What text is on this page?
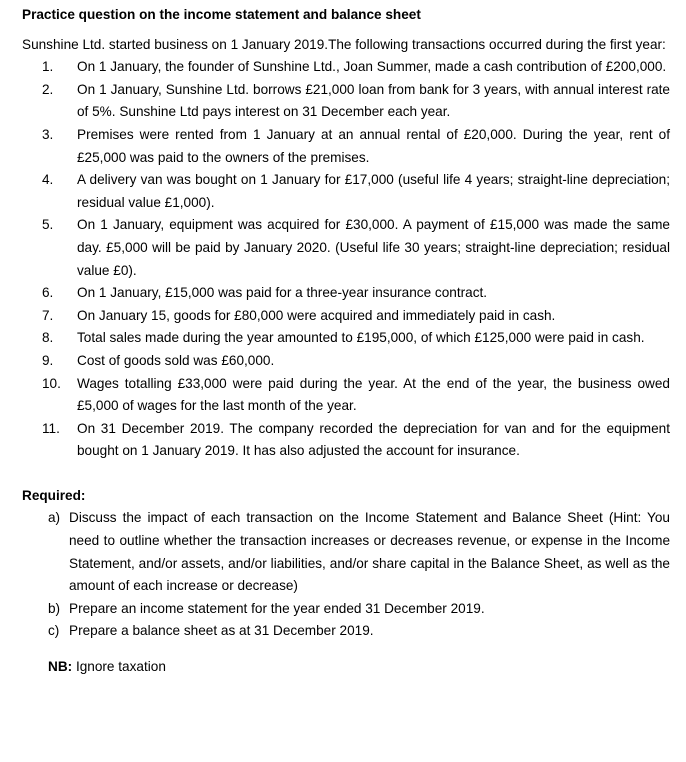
Practice question on the income statement and balance sheet
Sunshine Ltd. started business on 1 January 2019.The following transactions occurred during the first year:
1.	On 1 January, the founder of Sunshine Ltd., Joan Summer, made a cash contribution of £200,000.
2.	On 1 January, Sunshine Ltd. borrows £21,000 loan from bank for 3 years, with annual interest rate of 5%. Sunshine Ltd pays interest on 31 December each year.
3.	Premises were rented from 1 January at an annual rental of £20,000. During the year, rent of £25,000 was paid to the owners of the premises.
4.	A delivery van was bought on 1 January for £17,000 (useful life 4 years; straight-line depreciation; residual value £1,000).
5.	On 1 January, equipment was acquired for £30,000. A payment of £15,000 was made the same day. £5,000 will be paid by January 2020. (Useful life 30 years; straight-line depreciation; residual value £0).
6.	On 1 January, £15,000 was paid for a three-year insurance contract.
7.	On January 15, goods for £80,000 were acquired and immediately paid in cash.
8.	Total sales made during the year amounted to £195,000, of which £125,000 were paid in cash.
9.	Cost of goods sold was £60,000.
10.	Wages totalling £33,000 were paid during the year. At the end of the year, the business owed £5,000 of wages for the last month of the year.
11.	On 31 December 2019. The company recorded the depreciation for van and for the equipment bought on 1 January 2019. It has also adjusted the account for insurance.
Required:
a) Discuss the impact of each transaction on the Income Statement and Balance Sheet (Hint: You need to outline whether the transaction increases or decreases revenue, or expense in the Income Statement, and/or assets, and/or liabilities, and/or share capital in the Balance Sheet, as well as the amount of each increase or decrease)
b) Prepare an income statement for the year ended 31 December 2019.
c) Prepare a balance sheet as at 31 December 2019.
NB: Ignore taxation
